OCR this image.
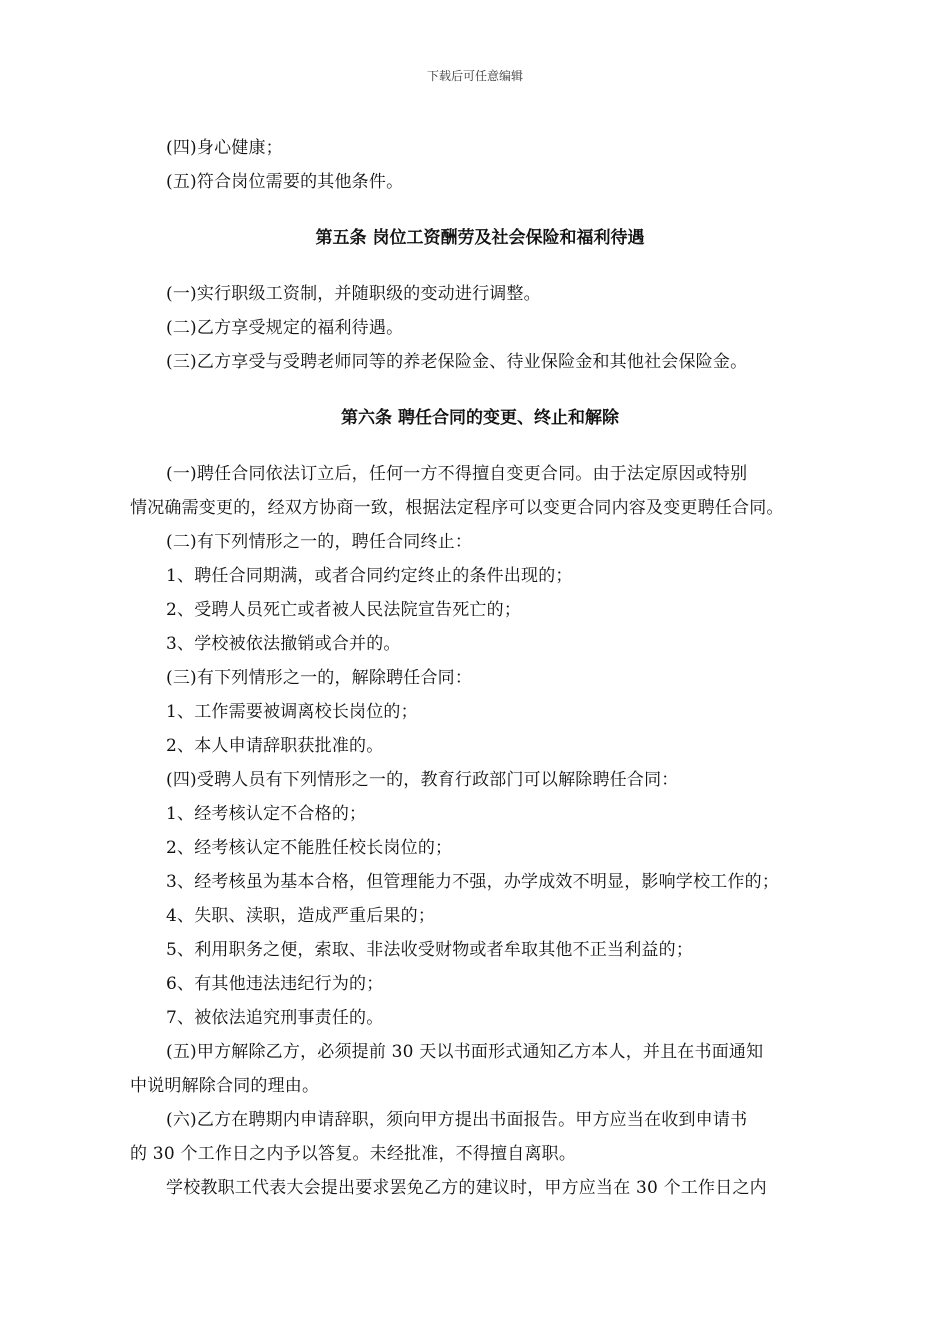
下载后可任意编辑
(四)身心健康；
(五)符合岗位需要的其他条件。
第五条 岗位工资酬劳及社会保险和福利待遇
(一)实行职级工资制，并随职级的变动进行调整。
(二)乙方享受规定的福利待遇。
(三)乙方享受与受聘老师同等的养老保险金、待业保险金和其他社会保险金。
第六条 聘任合同的变更、终止和解除
(一)聘任合同依法订立后，任何一方不得擅自变更合同。由于法定原因或特别
情况确需变更的，经双方协商一致，根据法定程序可以变更合同内容及变更聘任合同。
(二)有下列情形之一的，聘任合同终止：
1、聘任合同期满，或者合同约定终止的条件出现的；
2、受聘人员死亡或者被人民法院宣告死亡的；
3、学校被依法撤销或合并的。
(三)有下列情形之一的，解除聘任合同：
1、工作需要被调离校长岗位的；
2、本人申请辞职获批准的。
(四)受聘人员有下列情形之一的，教育行政部门可以解除聘任合同：
1、经考核认定不合格的；
2、经考核认定不能胜任校长岗位的；
3、经考核虽为基本合格，但管理能力不强，办学成效不明显，影响学校工作的；
4、失职、渎职，造成严重后果的；
5、利用职务之便，索取、非法收受财物或者牟取其他不正当利益的；
6、有其他违法违纪行为的；
7、被依法追究刑事责任的。
(五)甲方解除乙方，必须提前 30 天以书面形式通知乙方本人，并且在书面通知
中说明解除合同的理由。
(六)乙方在聘期内申请辞职，须向甲方提出书面报告。甲方应当在收到申请书
的 30 个工作日之内予以答复。未经批准，不得擅自离职。
学校教职工代表大会提出要求罢免乙方的建议时，甲方应当在 30 个工作日之内
